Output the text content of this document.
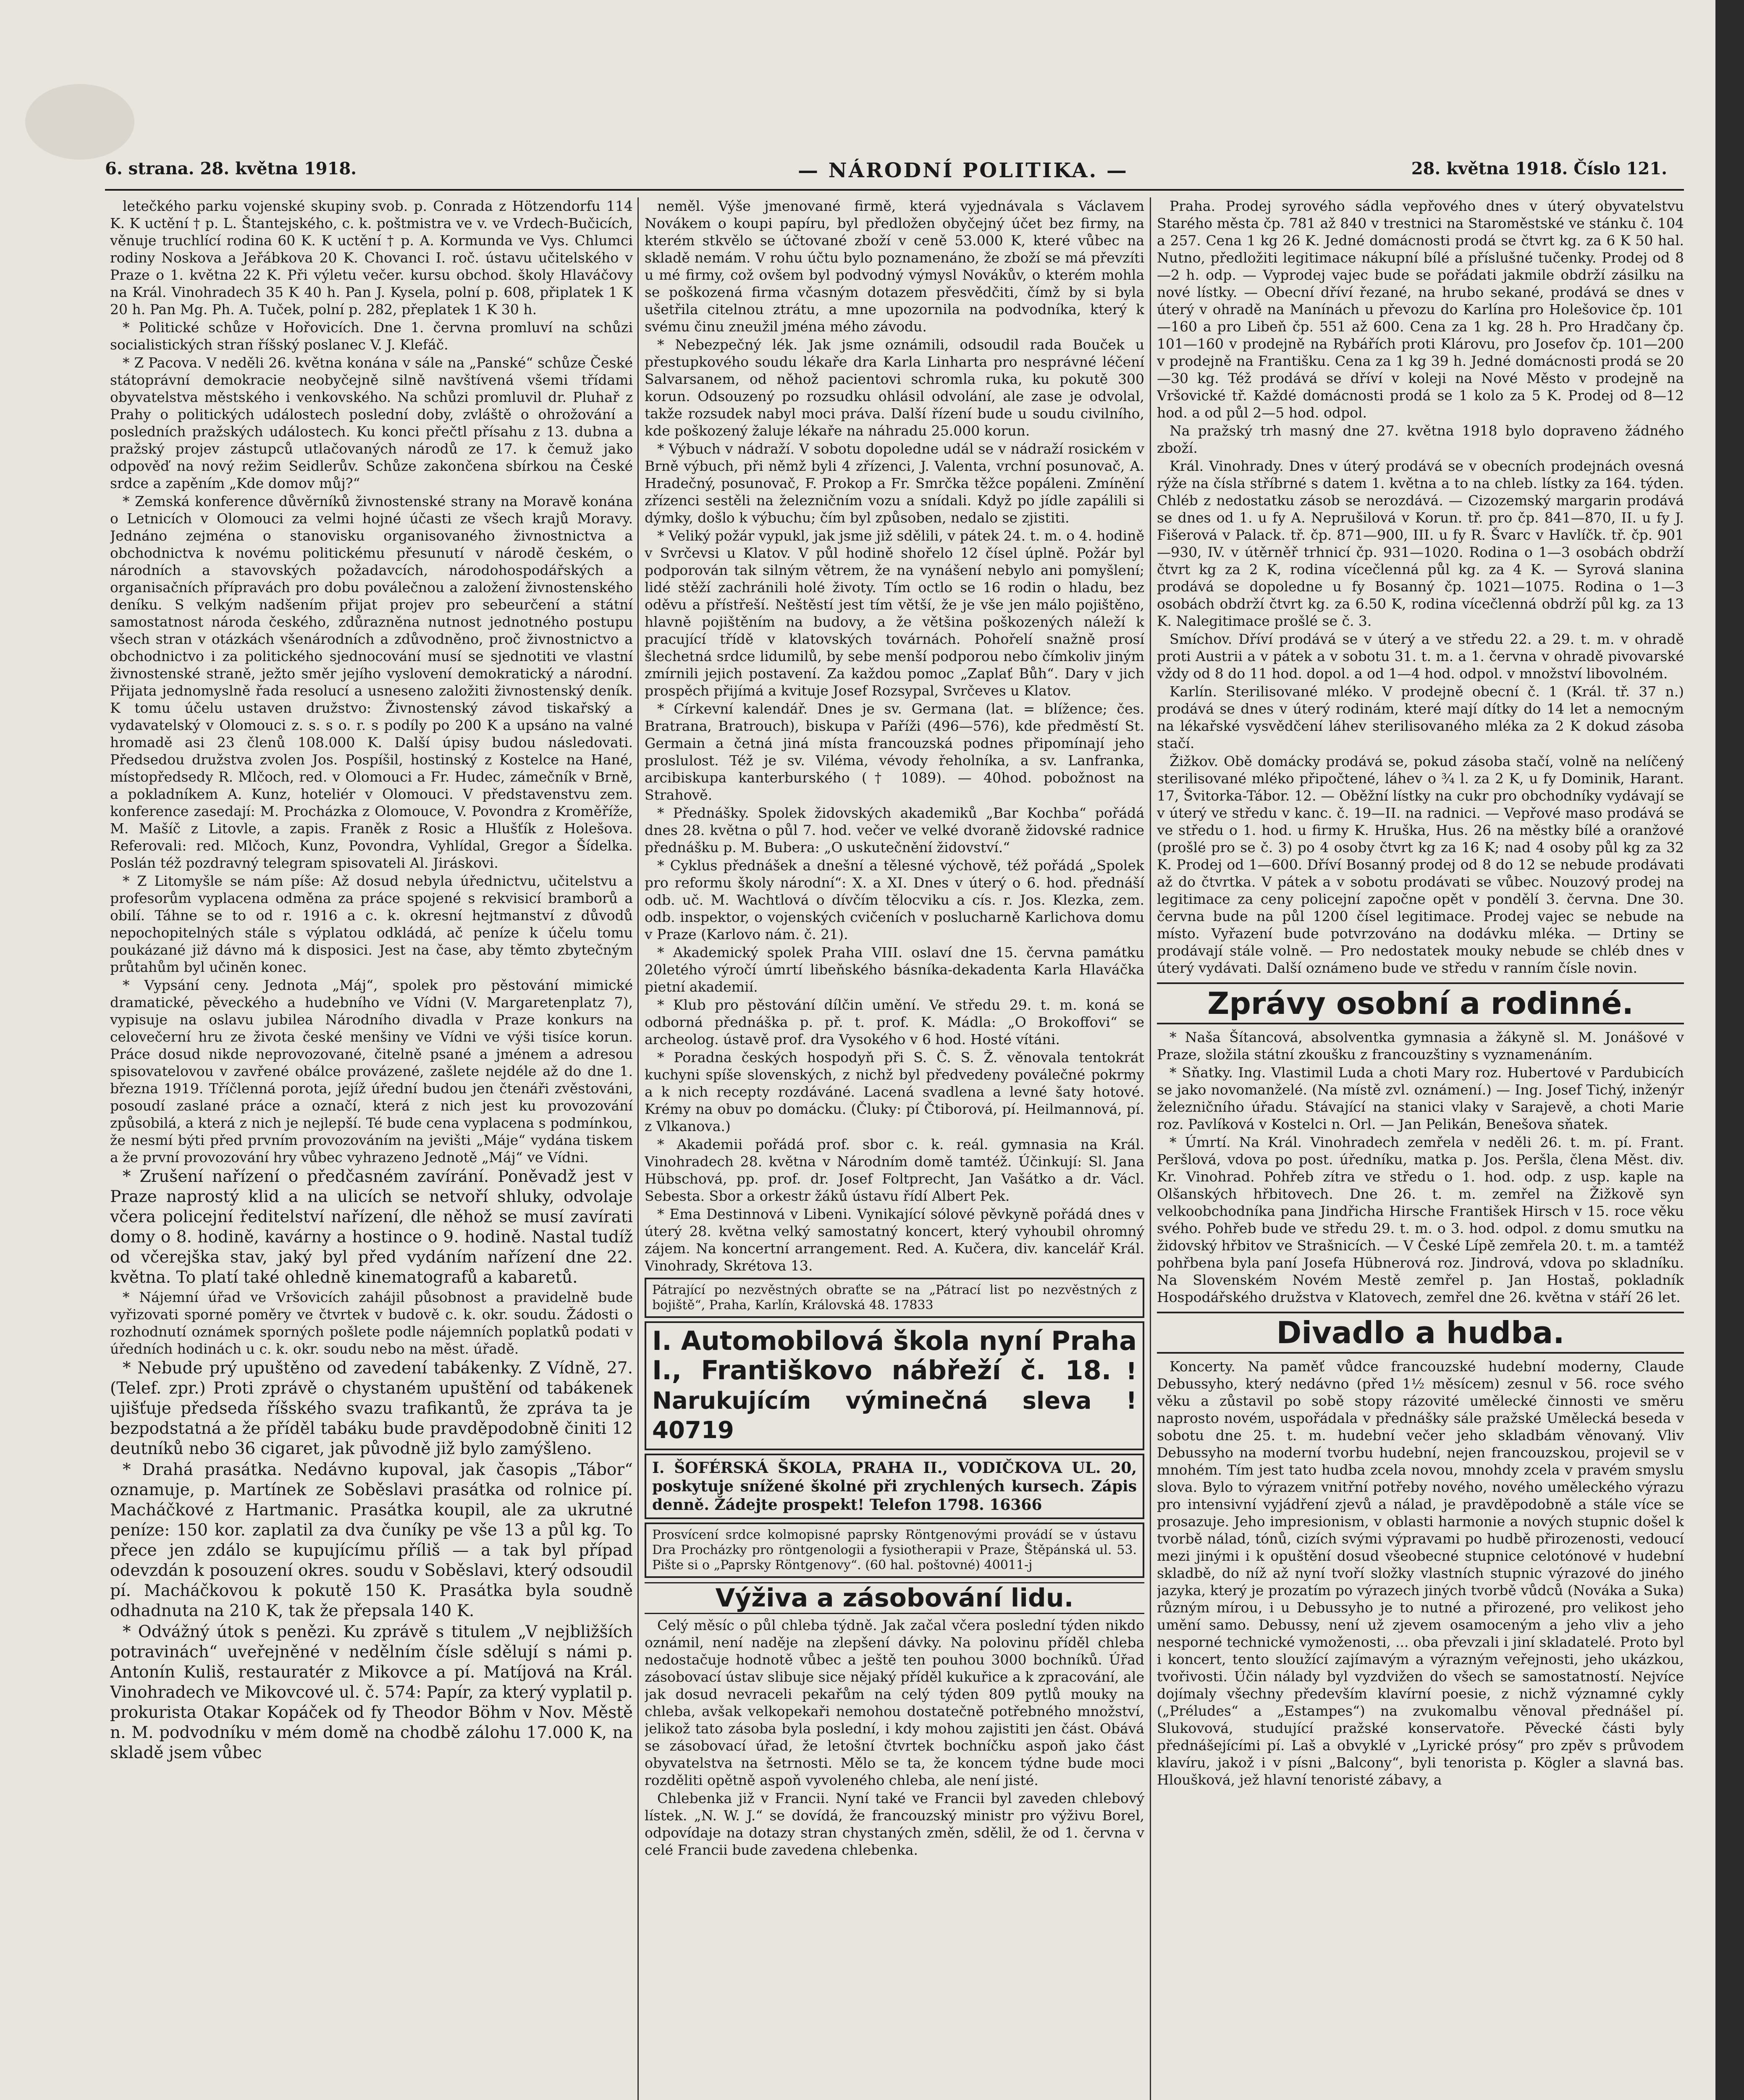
6. strana. 28. května 1918.	— NÁRODNÍ POLITIKA. —	28. května 1918. Číslo 121.

letečkého parku vojenské skupiny svob. p. Conrada z Hötzendorfu 114 K. K uctění † p. L. Štantejského, c. k. poštmistra ve v. ve Vrdech-Bučicích, věnuje truchlící rodina 60 K. K uctění † p. A. Kormunda ve Vys. Chlumci rodiny Noskova a Jeřábkova 20 K. Chovanci I. roč. ústavu učitelského v Praze o 1. května 22 K. Při výletu večer. kursu obchod. školy Hlaváčovy na Král. Vinohradech 35 K 40 h. Pan J. Kysela, polní p. 608, připlatek 1 K 20 h. Pan Mg. Ph. A. Tuček, polní p. 282, přeplatek 1 K 30 h.

* Politické schůze v Hořovicích. Dne 1. června promluví na schůzi socialistických stran říšský poslanec V. J. Klefáč.

* Z Pacova. V neděli 26. května konána v sále na „Panské“ schůze České státoprávní demokracie neobyčejně silně navštívená všemi třídami obyvatelstva městského i venkovského. Na schůzi promluvil dr. Pluhař z Prahy o politických událostech poslední doby, zvláště o ohrožování a posledních pražských událostech. Ku konci přečtl přísahu z 13. dubna a pražský projev zástupců utlačovaných národů ze 17. k čemuž jako odpověď na nový režim Seidlerův. Schůze zakončena sbírkou na České srdce a zapěním „Kde domov můj?“

* Zemská konference důvěrníků živnostenské strany na Moravě konána o Letnicích v Olomouci za velmi hojné účasti ze všech krajů Moravy. Jednáno zejména o stanovisku organisovaného živnostnictva a obchodnictva k novému politickému přesunutí v národě českém, o národních a stavovských požadavcích, národohospodářských a organisačních přípravách pro dobu poválečnou a založení živnostenského deníku. S velkým nadšením přijat projev pro sebeurčení a státní samostatnost národa českého, zdůrazněna nutnost jednotného postupu všech stran v otázkách všenárodních a zdůvodněno, proč živnostnictvo a obchodnictvo i za politického sjednocování musí se sjednotiti ve vlastní živnostenské straně, ježto směr jejího vyslovení demokratický a národní. Přijata jednomyslně řada resolucí a usneseno založiti živnostenský deník. K tomu účelu ustaven družstvo: Živnostenský závod tiskařský a vydavatelský v Olomouci z. s. s o. r. s podíly po 200 K a upsáno na valné hromadě asi 23 členů 108.000 K. Další úpisy budou následovati. Předsedou družstva zvolen Jos. Pospíšil, hostinský z Kostelce na Hané, místopředsedy R. Mlčoch, red. v Olomouci a Fr. Hudec, zámečník v Brně, a pokladníkem A. Kunz, hoteliér v Olomouci. V představenstvu zem. konference zasedají: M. Procházka z Olomouce, V. Povondra z Kroměříže, M. Mašíč z Litovle, a zapis. Franěk z Rosic a Hlušťík z Holešova. Referovali: red. Mlčoch, Kunz, Povondra, Vyhlídal, Gregor a Šídelka. Poslán též pozdravný telegram spisovateli Al. Jiráskovi.

* Z Litomyšle se nám píše: Až dosud nebyla úřednictvu, učitelstvu a profesorům vyplacena odměna za práce spojené s rekvisicí bramborů a obilí. Táhne se to od r. 1916 a c. k. okresní hejtmanství z důvodů nepochopitelných stále s výplatou odkládá, ač peníze k účelu tomu poukázané již dávno má k disposici. Jest na čase, aby těmto zbytečným průtahům byl učiněn konec.

* Vypsání ceny. Jednota „Máj“, spolek pro pěstování mimické dramatické, pěveckého a hudebního ve Vídni (V. Margaretenplatz 7), vypisuje na oslavu jubilea Národního divadla v Praze konkurs na celovečerní hru ze života české menšiny ve Vídni ve výši tisíce korun. Práce dosud nikde neprovozované, čitelně psané a jménem a adresou spisovatelovou v zavřené obálce provázené, zašlete nejdéle až do dne 1. března 1919. Tříčlenná porota, jejíž úřední budou jen čtenáři zvěstováni, posoudí zaslané práce a označí, která z nich jest ku provozování způsobilá, a která z nich je nejlepší. Té bude cena vyplacena s podmínkou, že nesmí býti před prvním provozováním na jevišti „Máje“ vydána tiskem a že první provozování hry vůbec vyhrazeno Jednotě „Máj“ ve Vídni.

* Zrušení nařízení o předčasném zavírání. Poněvadž jest v Praze naprostý klid a na ulicích se netvoří shluky, odvolaje včera policejní ředitelství nařízení, dle něhož se musí zavírati domy o 8. hodině, kavárny a hostince o 9. hodině. Nastal tudíž od včerejška stav, jaký byl před vydáním nařízení dne 22. května. To platí také ohledně kinematografů a kabaretů.

* Nájemní úřad ve Vršovicích zahájil působnost a pravidelně bude vyřizovati sporné poměry ve čtvrtek v budově c. k. okr. soudu. Žádosti o rozhodnutí oznámek sporných pošlete podle nájemních poplatků podati v úředních hodinách u c. k. okr. soudu nebo na měst. úřadě.

* Nebude prý upuštěno od zavedení tabákenky. Z Vídně, 27. (Telef. zpr.) Proti zprávě o chystaném upuštění od tabákenek ujišťuje předseda říšského svazu trafikantů, že zpráva ta je bezpodstatná a že příděl tabáku bude pravděpodobně činiti 12 deutníků nebo 36 cigaret, jak původně již bylo zamýšleno.

* Drahá prasátka. Nedávno kupoval, jak časopis „Tábor“ oznamuje, p. Martínek ze Soběslavi prasátka od rolnice pí. Macháčkové z Hartmanic. Prasátka koupil, ale za ukrutné peníze: 150 kor. zaplatil za dva čuníky pe vše 13 a půl kg. To přece jen zdálo se kupujícímu příliš — a tak byl případ odevzdán k posouzení okres. soudu v Soběslavi, který odsoudil pí. Macháčkovou k pokutě 150 K. Prasátka byla soudně odhadnuta na 210 K, tak že přepsala 140 K.

* Odvážný útok s penězi. Ku zprávě s titulem „V nejbližších potravinách“ uveřejněné v nedělním čísle sdělují s námi p. Antonín Kuliš, restauratér z Mikovce a pí. Matíjová na Král. Vinohradech ve Mikovcové ul. č. 574: Papír, za který vyplatil p. prokurista Otakar Kopáček od fy Theodor Böhm v Nov. Městě n. M. podvodníku v mém domě na chodbě zálohu 17.000 K, na skladě jsem vůbec

neměl. Výše jmenované firmě, která vyjednávala s Václavem Novákem o koupi papíru, byl předložen obyčejný účet bez firmy, na kterém stkvělo se účtované zboží v ceně 53.000 K, které vůbec na skladě nemám. V rohu účtu bylo poznamenáno, že zboží se má převzíti u mé firmy, což ovšem byl podvodný výmysl Novákův, o kterém mohla se poškozená firma včasným dotazem přesvědčiti, čímž by si byla ušetřila citelnou ztrátu, a mne upozornila na podvodníka, který k svému činu zneužil jména mého závodu.

* Nebezpečný lék. Jak jsme oznámili, odsoudil rada Bouček u přestupkového soudu lékaře dra Karla Linharta pro nesprávné léčení Salvarsanem, od něhož pacientovi schromla ruka, ku pokutě 300 korun. Odsouzený po rozsudku ohlásil odvolání, ale zase je odvolal, takže rozsudek nabyl moci práva. Další řízení bude u soudu civilního, kde poškozený žaluje lékaře na náhradu 25.000 korun.

* Výbuch v nádraží. V sobotu dopoledne udál se v nádraží rosickém v Brně výbuch, při němž byli 4 zřízenci, J. Valenta, vrchní posunovač, A. Hradečný, posunovač, F. Prokop a Fr. Smrčka těžce popáleni. Zmínění zřízenci sestěli na železničním vozu a snídali. Když po jídle zapálili si dýmky, došlo k výbuchu; čím byl způsoben, nedalo se zjistiti.

* Veliký požár vypukl, jak jsme již sdělili, v pátek 24. t. m. o 4. hodině v Svrčevsi u Klatov. V půl hodině shořelo 12 čísel úplně. Požár byl podporován tak silným větrem, že na vynášení nebylo ani pomyšlení; lidé stěží zachránili holé životy. Tím octlo se 16 rodin o hladu, bez oděvu a přístřeší. Neštěstí jest tím větší, že je vše jen málo pojištěno, hlavně pojištěním na budovy, a že většina poškozených náleží k pracující třídě v klatovských továrnách. Pohořelí snažně prosí šlechetná srdce lidumilů, by sebe menší podporou nebo čímkoliv jiným zmírnili jejich postavení. Za každou pomoc „Zaplať Bůh“. Dary v jich prospěch přijímá a kvituje Josef Rozsypal, Svrčeves u Klatov.

* Církevní kalendář. Dnes je sv. Germana (lat. = blížence; čes. Bratrana, Bratrouch), biskupa v Paříži (496—576), kde předměstí St. Germain a četná jiná místa francouzská podnes připomínají jeho proslulost. Též je sv. Viléma, vévody řeholníka, a sv. Lanfranka, arcibiskupa kanterburského († 1089). — 40hod. pobožnost na Strahově.

* Přednášky. Spolek židovských akademiků „Bar Kochba“ pořádá dnes 28. května o půl 7. hod. večer ve velké dvoraně židovské radnice přednášku p. M. Bubera: „O uskutečnění židovství.“

* Cyklus přednášek a dnešní a tělesné výchově, též pořádá „Spolek pro reformu školy národní“: X. a XI. Dnes v úterý o 6. hod. přednáší odb. uč. M. Wachtlová o dívčím tělocviku a cís. r. Jos. Klezka, zem. odb. inspektor, o vojenských cvičeních v poslucharně Karlichova domu v Praze (Karlovo nám. č. 21).

* Akademický spolek Praha VIII. oslaví dne 15. června památku 20letého výročí úmrtí libeňského básníka-dekadenta Karla Hlaváčka pietní akademií.

* Klub pro pěstování dílčin umění. Ve středu 29. t. m. koná se odborná přednáška p. př. t. prof. K. Mádla: „O Brokoffovi“ se archeolog. ústavě prof. dra Vysokého v 6 hod. Hosté vítáni.

* Poradna českých hospodyň při S. Č. S. Ž. věnovala tentokrát kuchyni spíše slovenských, z nichž byl předvedeny poválečné pokrmy a k nich recepty rozdáváné. Lacená svadlena a levné šaty hotové. Krémy na obuv po domácku. (Čluky: pí Čtiborová, pí. Heilmannová, pí. z Vlkanova.)

* Akademii pořádá prof. sbor c. k. reál. gymnasia na Král. Vinohradech 28. května v Národním domě tamtéž. Účinkují: Sl. Jana Hübschová, pp. prof. dr. Josef Foltprecht, Jan Vašátko a dr. Václ. Sebesta. Sbor a orkestr žáků ústavu řídí Albert Pek.

* Ema Destinnová v Libeni. Vynikající sólové pěvkyně pořádá dnes v úterý 28. května velký samostatný koncert, který vyhoubil ohromný zájem. Na koncertní arrangement. Red. A. Kučera, div. kancelář Král. Vinohrady, Skrétova 13.

Pátrající po nezvěstných obraťte se na „Pátrací list po nezvěstných z bojiště“, Praha, Karlín, Královská 48. 17833
I. Automobilová škola nyní Praha I., Františkovo nábřeží č. 18. ! Narukujícím výminečná sleva ! 40719
I. ŠOFÉRSKÁ ŠKOLA, PRAHA II., VODIČKOVA UL. 20, poskytuje snížené školné při zrychlených kursech. Zápis denně. Žádejte prospekt! Telefon 1798. 16366
Prosvícení srdce kolmopisné paprsky Röntgenovými provádí se v ústavu Dra Procházky pro röntgenologii a fysiotherapii v Praze, Štěpánská ul. 53. Pište si o „Paprsky Röntgenovy“. (60 hal. poštovné) 40011-j
Výživa a zásobování lidu.

Celý měsíc o půl chleba týdně. Jak začal včera poslední týden nikdo oznámil, není naděje na zlepšení dávky. Na polovinu příděl chleba nedostačuje hodnotě vůbec a ještě ten pouhou 3000 bochníků. Úřad zásobovací ústav slibuje sice nějaký příděl kukuřice a k zpracování, ale jak dosud nevraceli pekařům na celý týden 809 pytlů mouky na chleba, avšak velkopekaři nemohou dostatečně potřebného množství, jelikož tato zásoba byla poslední, i kdy mohou zajistiti jen část. Obává se zásobovací úřad, že letošní čtvrtek bochníčku aspoň jako část obyvatelstva na šetrnosti. Mělo se ta, že koncem týdne bude moci rozděliti opětně aspoň vyvoleného chleba, ale není jisté.

Chlebenka již v Francii. Nyní také ve Francii byl zaveden chlebový lístek. „N. W. J.“ se dovídá, že francouzský ministr pro výživu Borel, odpovídaje na dotazy stran chystaných změn, sdělil, že od 1. června v celé Francii bude zavedena chlebenka.

Praha. Prodej syrového sádla vepřového dnes v úterý obyvatelstvu Starého města čp. 781 až 840 v trestnici na Staroměstské ve stánku č. 104 a 257. Cena 1 kg 26 K. Jedné domácnosti prodá se čtvrt kg. za 6 K 50 hal. Nutno, předložiti legitimace nákupní bílé a příslušné tučenky. Prodej od 8—2 h. odp. — Vyprodej vajec bude se pořádati jakmile obdrží zásilku na nové lístky. — Obecní dříví řezané, na hrubo sekané, prodává se dnes v úterý v ohradě na Manínách u převozu do Karlína pro Holešovice čp. 101—160 a pro Libeň čp. 551 až 600. Cena za 1 kg. 28 h. Pro Hradčany čp. 101—160 v prodejně na Rybářích proti Klárovu, pro Josefov čp. 101—200 v prodejně na Františku. Cena za 1 kg 39 h. Jedné domácnosti prodá se 20—30 kg. Též prodává se dříví v koleji na Nové Město v prodejně na Vršovické tř. Každé domácnosti prodá se 1 kolo za 5 K. Prodej od 8—12 hod. a od půl 2—5 hod. odpol.

Na pražský trh masný dne 27. května 1918 bylo dopraveno žádného zboží.

Král. Vinohrady. Dnes v úterý prodává se v obecních prodejnách ovesná rýže na čísla stříbrné s datem 1. května a to na chleb. lístky za 164. týden. Chléb z nedostatku zásob se nerozdává. — Cizozemský margarin prodává se dnes od 1. u fy A. Neprušilová v Korun. tř. pro čp. 841—870, II. u fy J. Fišerová v Palack. tř. čp. 871—900, III. u fy R. Švarc v Havlíčk. tř. čp. 901—930, IV. v útěrněř trhnicí čp. 931—1020. Rodina o 1—3 osobách obdrží čtvrt kg za 2 K, rodina vícečlenná půl kg. za 4 K. — Syrová slanina prodává se dopoledne u fy Bosanný čp. 1021—1075. Rodina o 1—3 osobách obdrží čtvrt kg. za 6.50 K, rodina vícečlenná obdrží půl kg. za 13 K. Nalegitimace prošlé se č. 3.

Smíchov. Dříví prodává se v úterý a ve středu 22. a 29. t. m. v ohradě proti Austrii a v pátek a v sobotu 31. t. m. a 1. června v ohradě pivovarské vždy od 8 do 11 hod. dopol. a od 1—4 hod. odpol. v množství libovolném.

Karlín. Sterilisované mléko. V prodejně obecní č. 1 (Král. tř. 37 n.) prodává se dnes v úterý rodinám, které mají dítky do 14 let a nemocným na lékařské vysvědčení láhev sterilisovaného mléka za 2 K dokud zásoba stačí.

Žižkov. Obě domácky prodává se, pokud zásoba stačí, volně na nelíčený sterilisované mléko připočtené, láhev o ¾ l. za 2 K, u fy Dominik, Harant. 17, Švitorka-Tábor. 12. — Oběžní lístky na cukr pro obchodníky vydávají se v úterý ve středu v kanc. č. 19—II. na radnici. — Vepřové maso prodává se ve středu o 1. hod. u firmy K. Hruška, Hus. 26 na městky bílé a oranžové (prošlé pro se č. 3) po 4 osoby čtvrt kg za 16 K; nad 4 osoby půl kg za 32 K. Prodej od 1—600. Dříví Bosanný prodej od 8 do 12 se nebude prodávati až do čtvrtka. V pátek a v sobotu prodávati se vůbec. Nouzový prodej na legitimace za ceny policejní započne opět v pondělí 3. června. Dne 30. června bude na půl 1200 čísel legitimace. Prodej vajec se nebude na místo. Vyřazení bude potvrzováno na dodávku mléka. — Drtiny se prodávají stále volně. — Pro nedostatek mouky nebude se chléb dnes v úterý vydávati. Další oznámeno bude ve středu v ranním čísle novin.

Zprávy osobní a rodinné.

* Naša Šítancová, absolventka gymnasia a žákyně sl. M. Jonášové v Praze, složila státní zkoušku z francouzštiny s vyznamenáním.

* Sňatky. Ing. Vlastimil Luda a choti Mary roz. Hubertové v Pardubicích se jako novomanželé. (Na místě zvl. oznámení.) — Ing. Josef Tichý, inženýr železničního úřadu. Stávající na stanici vlaky v Sarajevě, a choti Marie roz. Pavlíková v Kostelci n. Orl. — Jan Pelikán, Benešova sňatek.

* Úmrtí. Na Král. Vinohradech zemřela v neděli 26. t. m. pí. Frant. Peršlová, vdova po post. úředníku, matka p. Jos. Peršla, člena Měst. div. Kr. Vinohrad. Pohřeb zítra ve středu o 1. hod. odp. z usp. kaple na Olšanských hřbitovech. Dne 26. t. m. zemřel na Žižkově syn velkoobchodníka pana Jindřicha Hirsche František Hirsch v 15. roce věku svého. Pohřeb bude ve středu 29. t. m. o 3. hod. odpol. z domu smutku na židovský hřbitov ve Strašnicích. — V České Lípě zemřela 20. t. m. a tamtéž pohřbena byla paní Josefa Hübnerová roz. Jindrová, vdova po skladníku. Na Slovenském Novém Mestě zemřel p. Jan Hostaš, pokladník Hospodářského družstva v Klatovech, zemřel dne 26. května v stáří 26 let.

Divadlo a hudba.

Koncerty. Na paměť vůdce francouzské hudební moderny, Claude Debussyho, který nedávno (před 1½ měsícem) zesnul v 56. roce svého věku a zůstavil po sobě stopy rázovité umělecké činnosti ve směru naprosto novém, uspořádala v přednášky sále pražské Umělecká beseda v sobotu dne 25. t. m. hudební večer jeho skladbám věnovaný. Vliv Debussyho na moderní tvorbu hudební, nejen francouzskou, projevil se v mnohém. Tím jest tato hudba zcela novou, mnohdy zcela v pravém smyslu slova. Bylo to výrazem vnitřní potřeby nového, nového uměleckého výrazu pro intensivní vyjádření zjevů a nálad, je pravděpodobně a stále více se prosazuje. Jeho impresionism, v oblasti harmonie a nových stupnic došel k tvorbě nálad, tónů, cizích svými výpravami po hudbě přirozenosti, vedoucí mezi jinými i k opuštění dosud všeobecné stupnice celotónové v hudební skladbě, do níž až nyní tvoří složky vlastních stupnic výrazové do jiného jazyka, který je prozatím po výrazech jiných tvorbě vůdců (Nováka a Suka) různým mírou, i u Debussyho je to nutné a přirozené, pro velikost jeho umění samo. Debussy, není už zjevem osamoceným a jeho vliv a jeho nesporné technické vymoženosti, ... oba převzali i jiní skladatelé. Proto byl i koncert, tento sloužící zajímavým a výrazným veřejnosti, jeho ukázkou, tvořivosti. Účin nálady byl vyzdvižen do všech se samostatností. Nejvíce dojímaly všechny především klavírní poesie, z nichž významné cykly („Préludes“ a „Estampes“) na zvukomalbu věnoval přednášel pí. Slukovová, studující pražské konservatoře. Pěvecké části byly přednášejícími pí. Laš a obvyklé v „Lyrické prósy“ pro zpěv s průvodem klavíru, jakož i v písni „Balcony“, byli tenorista p. Kögler a slavná bas. Hloušková, jež hlavní tenoristé zábavy, a
